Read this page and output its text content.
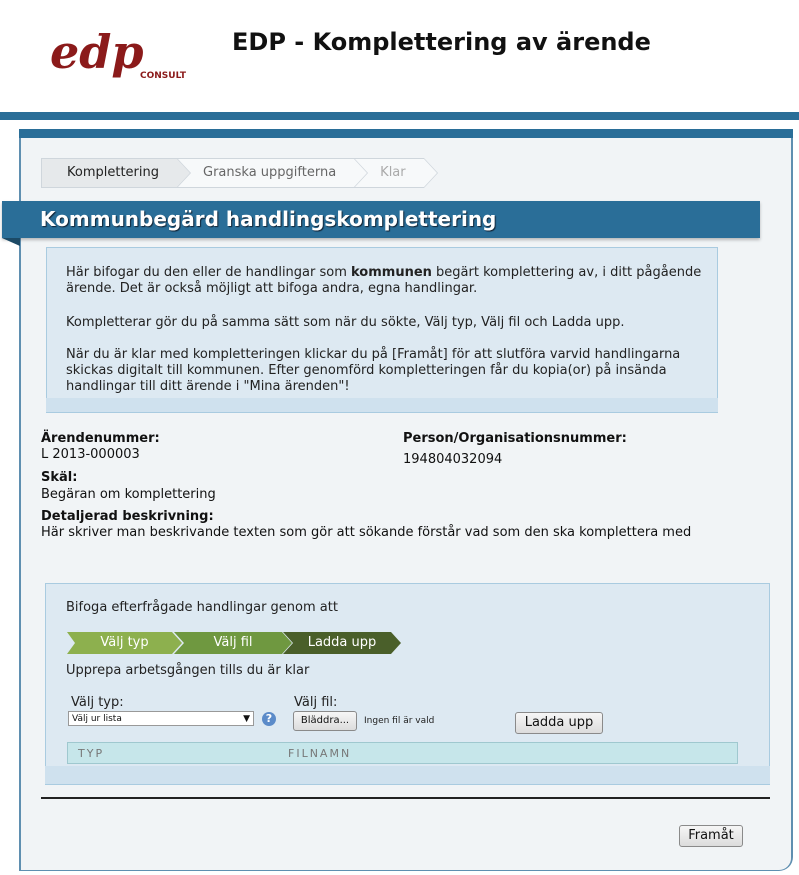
edp
CONSULT
EDP - Komplettering av ärende
Komplettering	Granska uppgifterna	Klar
Kommunbegärd handlingskomplettering
Här bifogar du den eller de handlingar som kommunen begärt komplettering av, i ditt pågående ärende. Det är också möjligt att bifoga andra, egna handlingar.
Kompletterar gör du på samma sätt som när du sökte, Välj typ, Välj fil och Ladda upp.
När du är klar med kompletteringen klickar du på [Framåt] för att slutföra varvid handlingarna skickas digitalt till kommunen. Efter genomförd kompletteringen får du kopia(or) på insända handlingar till ditt ärende i "Mina ärenden"!
Ärendenummer:
L 2013-000003
Person/Organisationsnummer:
194804032094
Skäl:
Begäran om komplettering
Detaljerad beskrivning:
Här skriver man beskrivande texten som gör att sökande förstår vad som den ska komplettera med
Bifoga efterfrågade handlingar genom att
Välj typ	Välj fil	Ladda upp
Upprepa arbetsgången tills du är klar
Välj typ:
Välj ur lista	▼	?
Välj fil:
Bläddra...	Ingen fil är vald	Ladda upp
TYP	FILNAMN
Framåt
